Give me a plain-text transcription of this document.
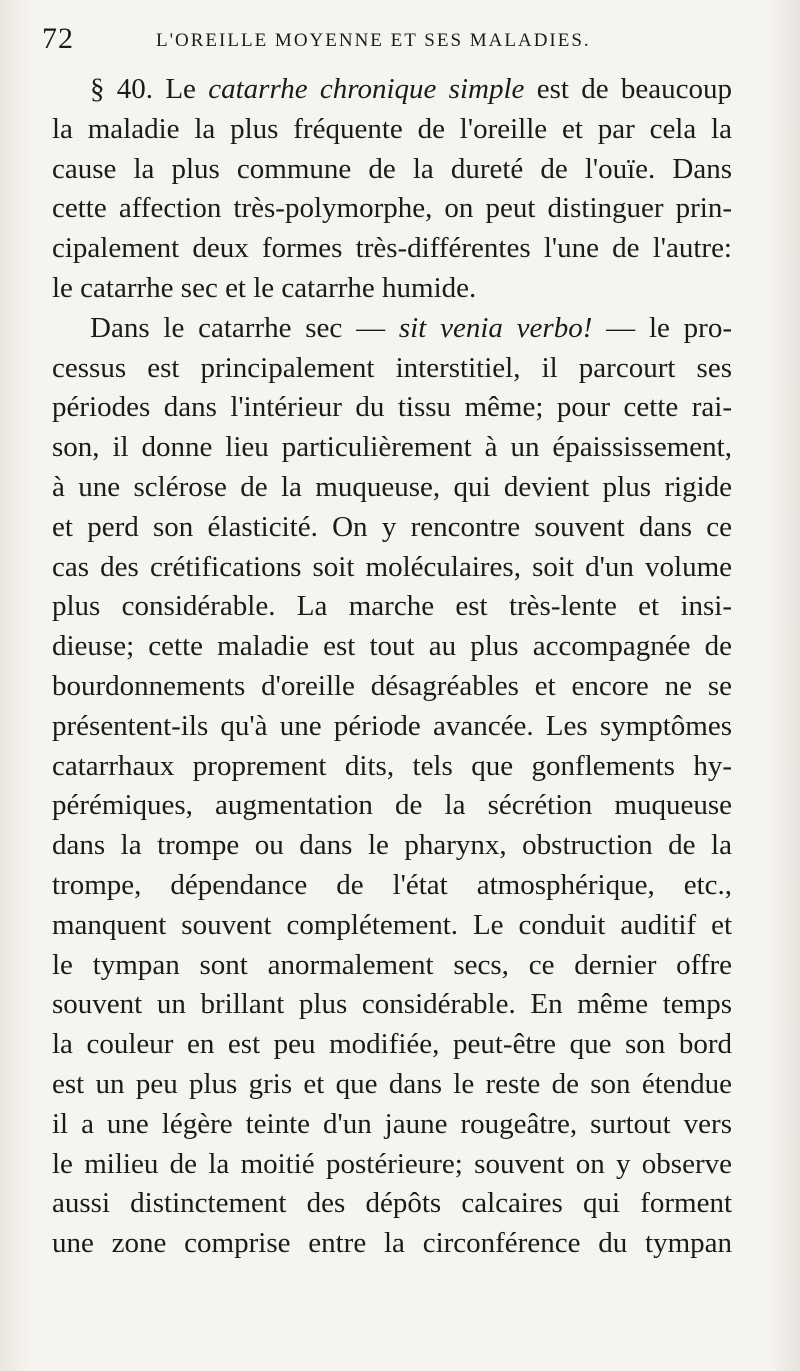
72	L'OREILLE MOYENNE ET SES MALADIES.
§ 40. Le catarrhe chronique simple est de beaucoup
la maladie la plus fréquente de l'oreille et par cela la
cause la plus commune de la dureté de l'ouïe. Dans
cette affection très-polymorphe, on peut distinguer prin-
cipalement deux formes très-différentes l'une de l'autre:
le catarrhe sec et le catarrhe humide.
Dans le catarrhe sec — sit venia verbo! — le pro-
cessus est principalement interstitiel, il parcourt ses
périodes dans l'intérieur du tissu même; pour cette rai-
son, il donne lieu particulièrement à un épaississement,
à une sclérose de la muqueuse, qui devient plus rigide
et perd son élasticité. On y rencontre souvent dans ce
cas des crétifications soit moléculaires, soit d'un volume
plus considérable. La marche est très-lente et insi-
dieuse; cette maladie est tout au plus accompagnée de
bourdonnements d'oreille désagréables et encore ne se
présentent-ils qu'à une période avancée. Les symptômes
catarrhaux proprement dits, tels que gonflements hy-
pérémiques, augmentation de la sécrétion muqueuse
dans la trompe ou dans le pharynx, obstruction de la
trompe, dépendance de l'état atmosphérique, etc.,
manquent souvent complétement. Le conduit auditif et
le tympan sont anormalement secs, ce dernier offre
souvent un brillant plus considérable. En même temps
la couleur en est peu modifiée, peut-être que son bord
est un peu plus gris et que dans le reste de son étendue
il a une légère teinte d'un jaune rougeâtre, surtout vers
le milieu de la moitié postérieure; souvent on y observe
aussi distinctement des dépôts calcaires qui forment
une zone comprise entre la circonférence du tympan
